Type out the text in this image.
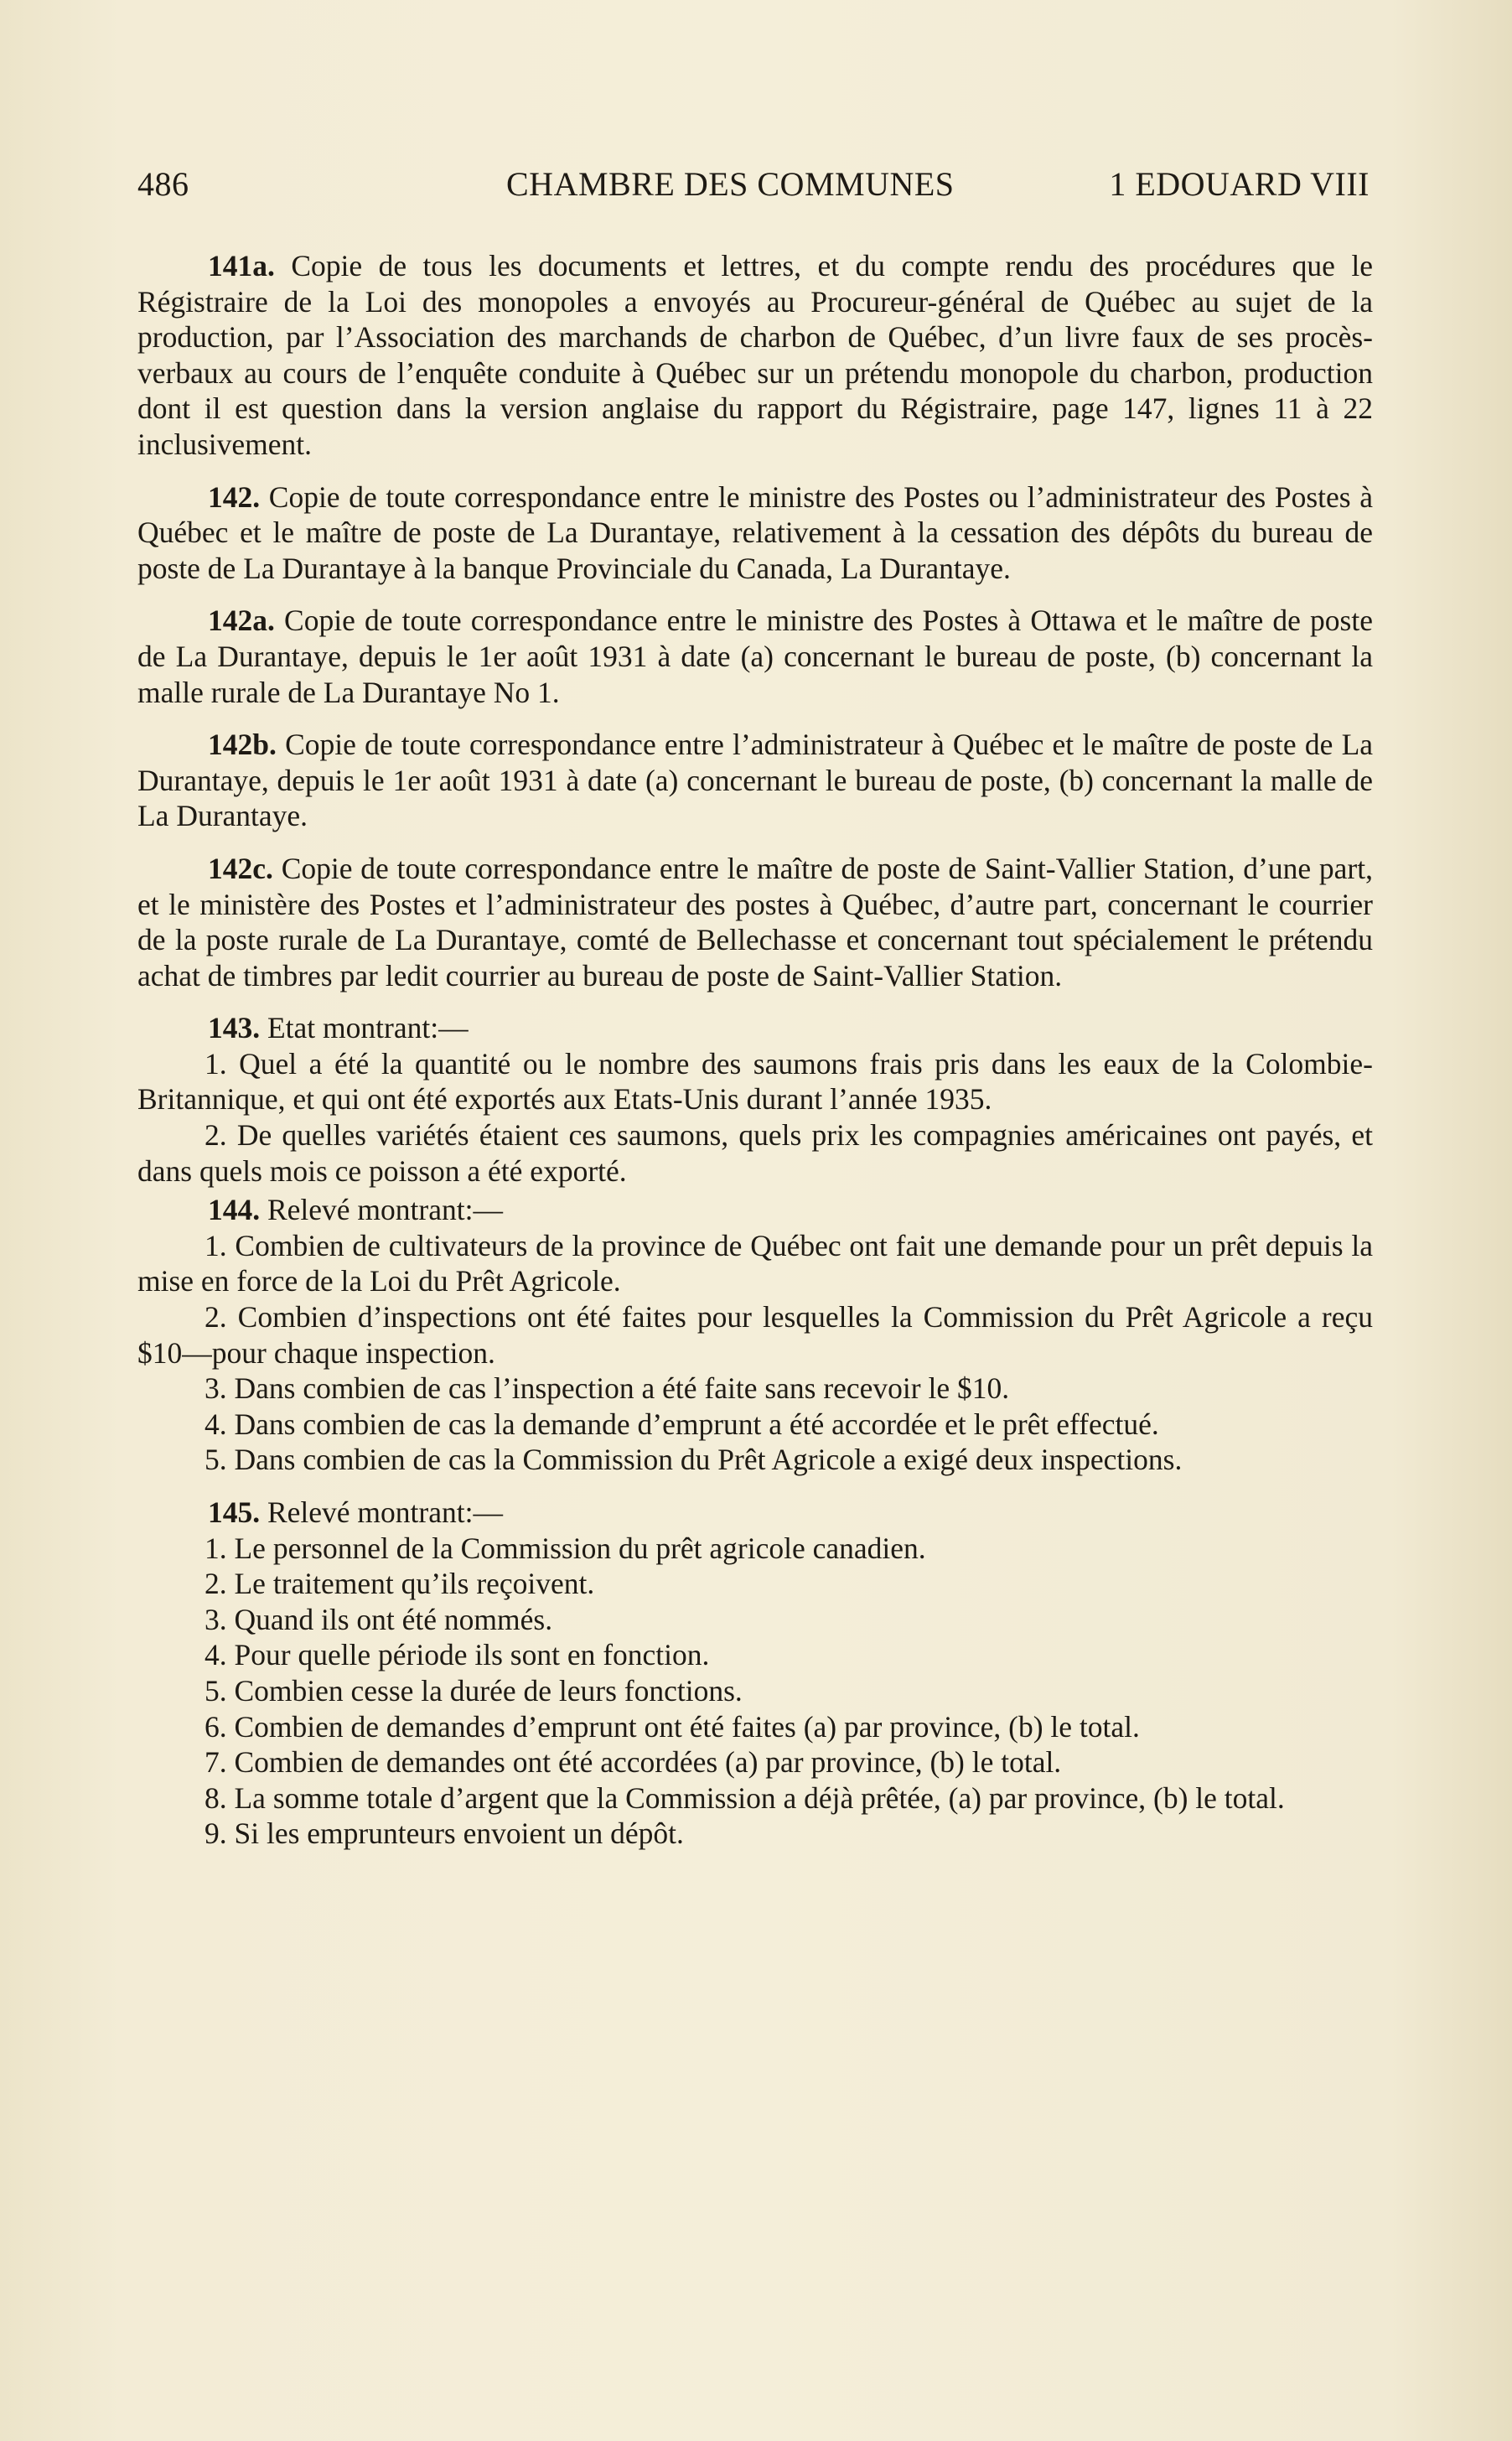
486	CHAMBRE DES COMMUNES	1 EDOUARD VIII

141a. Copie de tous les documents et lettres, et du compte rendu des procédures que le Régistraire de la Loi des monopoles a envoyés au Procureur-général de Québec au sujet de la production, par l’Association des marchands de charbon de Québec, d’un livre faux de ses procès-verbaux au cours de l’enquête conduite à Québec sur un prétendu monopole du charbon, production dont il est question dans la version anglaise du rapport du Régistraire, page 147, lignes 11 à 22 inclusivement.

142. Copie de toute correspondance entre le ministre des Postes ou l’administrateur des Postes à Québec et le maître de poste de La Durantaye, relativement à la cessation des dépôts du bureau de poste de La Durantaye à la banque Provinciale du Canada, La Durantaye.

142a. Copie de toute correspondance entre le ministre des Postes à Ottawa et le maître de poste de La Durantaye, depuis le 1er août 1931 à date (a) concernant le bureau de poste, (b) concernant la malle rurale de La Durantaye No 1.

142b. Copie de toute correspondance entre l’administrateur à Québec et le maître de poste de La Durantaye, depuis le 1er août 1931 à date (a) concernant le bureau de poste, (b) concernant la malle de La Durantaye.

142c. Copie de toute correspondance entre le maître de poste de Saint-Vallier Station, d’une part, et le ministère des Postes et l’administrateur des postes à Québec, d’autre part, concernant le courrier de la poste rurale de La Durantaye, comté de Bellechasse et concernant tout spécialement le prétendu achat de timbres par ledit courrier au bureau de poste de Saint-Vallier Station.

143. Etat montrant:—

1. Quel a été la quantité ou le nombre des saumons frais pris dans les eaux de la Colombie-Britannique, et qui ont été exportés aux Etats-Unis durant l’année 1935.

2. De quelles variétés étaient ces saumons, quels prix les compagnies américaines ont payés, et dans quels mois ce poisson a été exporté.

144. Relevé montrant:—

1. Combien de cultivateurs de la province de Québec ont fait une demande pour un prêt depuis la mise en force de la Loi du Prêt Agricole.

2. Combien d’inspections ont été faites pour lesquelles la Commission du Prêt Agricole a reçu $10—pour chaque inspection.

3. Dans combien de cas l’inspection a été faite sans recevoir le $10.

4. Dans combien de cas la demande d’emprunt a été accordée et le prêt effectué.

5. Dans combien de cas la Commission du Prêt Agricole a exigé deux inspections.

145. Relevé montrant:—

1. Le personnel de la Commission du prêt agricole canadien.

2. Le traitement qu’ils reçoivent.

3. Quand ils ont été nommés.

4. Pour quelle période ils sont en fonction.

5. Combien cesse la durée de leurs fonctions.

6. Combien de demandes d’emprunt ont été faites (a) par province, (b) le total.

7. Combien de demandes ont été accordées (a) par province, (b) le total.

8. La somme totale d’argent que la Commission a déjà prêtée, (a) par province, (b) le total.

9. Si les emprunteurs envoient un dépôt.
